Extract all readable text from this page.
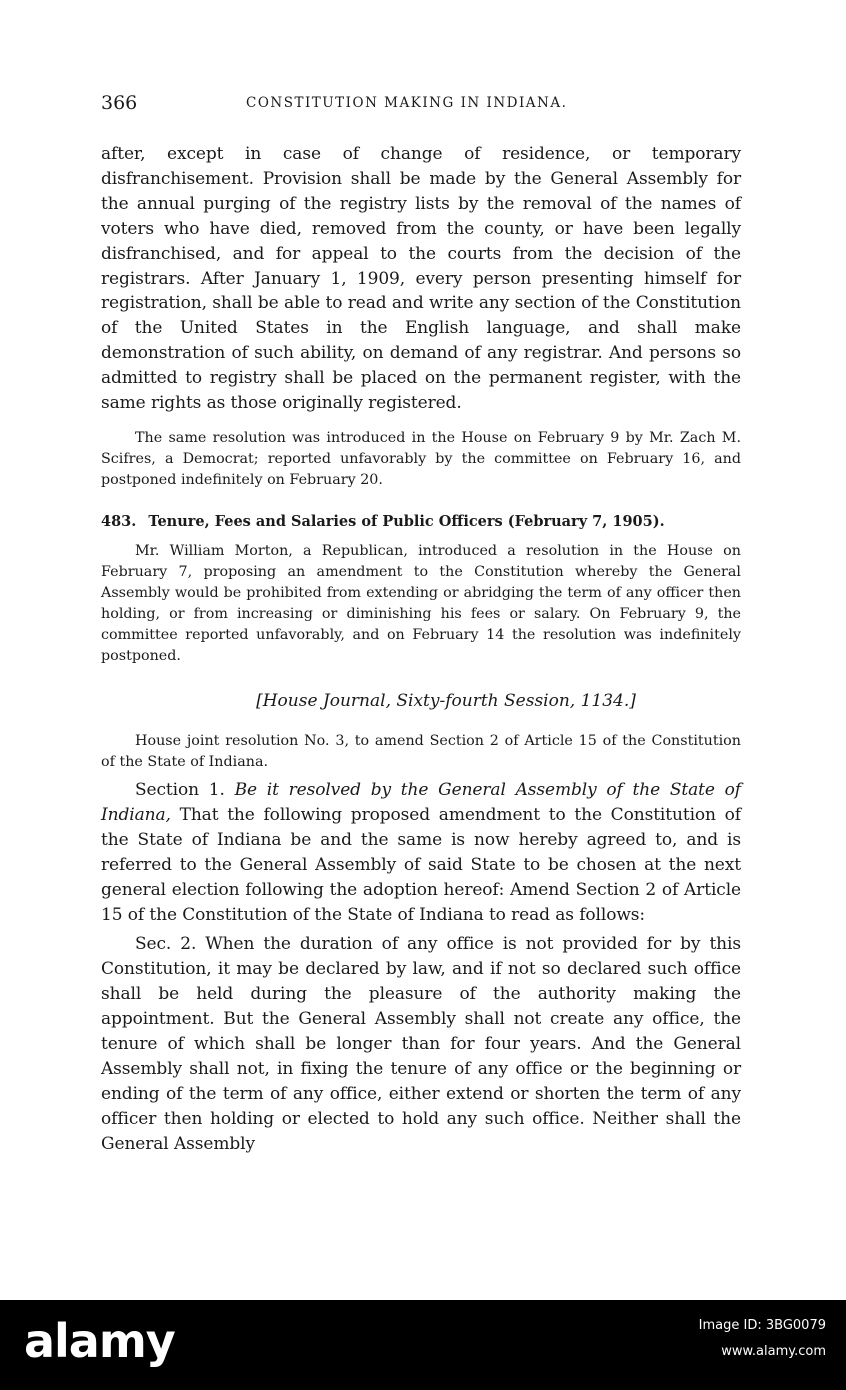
366	CONSTITUTION MAKING IN INDIANA.

after, except in case of change of residence, or temporary disfranchisement. Provision shall be made by the General Assembly for the annual purging of the registry lists by the removal of the names of voters who have died, removed from the county, or have been legally disfranchised, and for appeal to the courts from the decision of the registrars. After January 1, 1909, every person presenting himself for registration, shall be able to read and write any section of the Constitution of the United States in the English language, and shall make demonstration of such ability, on demand of any registrar. And persons so admitted to registry shall be placed on the permanent register, with the same rights as those originally registered.

The same resolution was introduced in the House on February 9 by Mr. Zach M. Scifres, a Democrat; reported unfavorably by the committee on February 16, and postponed indefinitely on February 20.

483. Tenure, Fees and Salaries of Public Officers (February 7, 1905).

Mr. William Morton, a Republican, introduced a resolution in the House on February 7, proposing an amendment to the Constitution whereby the General Assembly would be prohibited from extending or abridging the term of any officer then holding, or from increasing or diminishing his fees or salary. On February 9, the committee reported unfavorably, and on February 14 the resolution was indefinitely postponed.

[House Journal, Sixty-fourth Session, 1134.]

House joint resolution No. 3, to amend Section 2 of Article 15 of the Constitution of the State of Indiana.

Section 1. Be it resolved by the General Assembly of the State of Indiana, That the following proposed amendment to the Constitution of the State of Indiana be and the same is now hereby agreed to, and is referred to the General Assembly of said State to be chosen at the next general election following the adoption hereof: Amend Section 2 of Article 15 of the Constitution of the State of Indiana to read as follows:

Sec. 2. When the duration of any office is not provided for by this Constitution, it may be declared by law, and if not so declared such office shall be held during the pleasure of the authority making the appointment. But the General Assembly shall not create any office, the tenure of which shall be longer than for four years. And the General Assembly shall not, in fixing the tenure of any office or the beginning or ending of the term of any office, either extend or shorten the term of any officer then holding or elected to hold any such office. Neither shall the General Assembly

alamy	Image ID: 3BG0079
www.alamy.com
